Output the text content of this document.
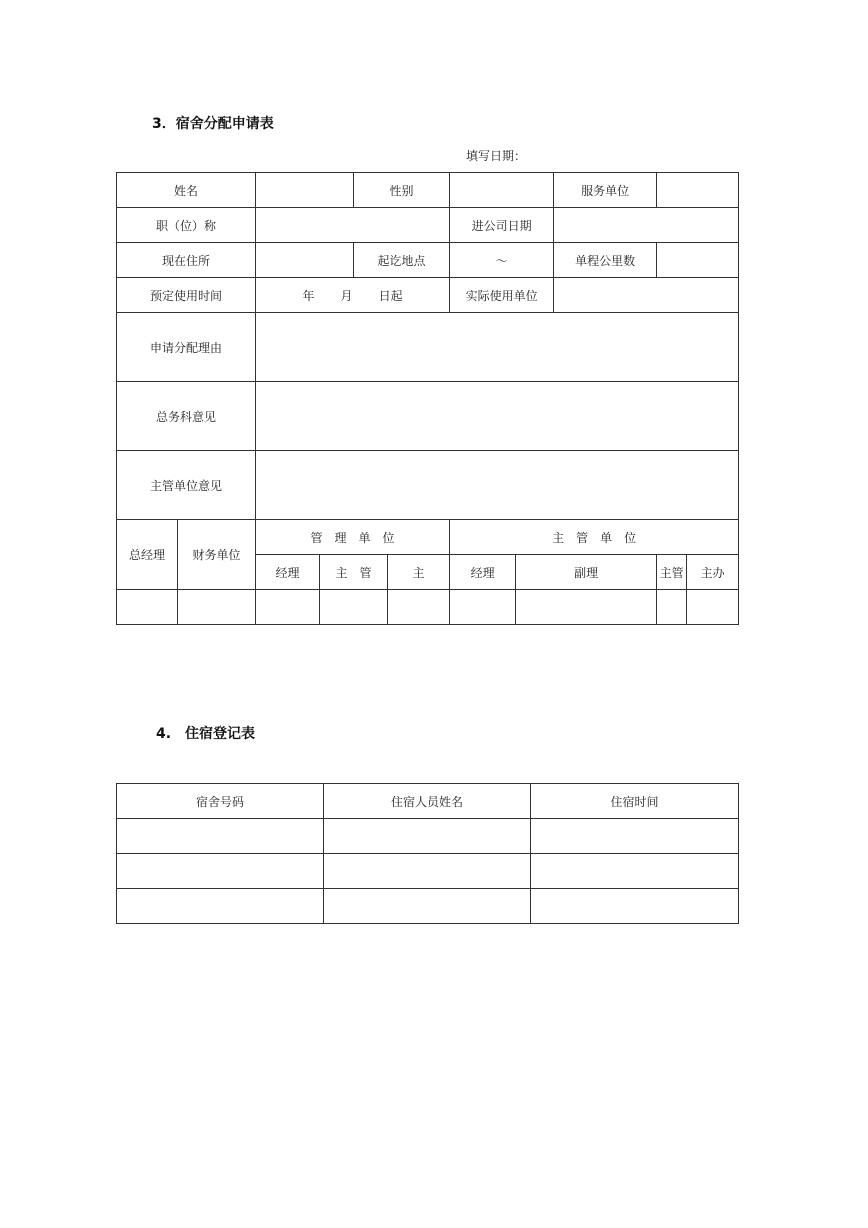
3．宿舍分配申请表
填写日期：
姓名				性别				服务单位		
职（位）称						进公司日期				
现在住所				起讫地点		～		单程公里数		
预定使用时间		年 月 日起				实际使用单位				
申请分配理由										
总务科意见										
主管单位意见										
总经理	财务单位	管　理　单　位				主　管　单　位				
		经理	主　管		主	经理	副理		主管	主办

4.　住宿登记表
宿舍号码	住宿人员姓名	住宿时间
